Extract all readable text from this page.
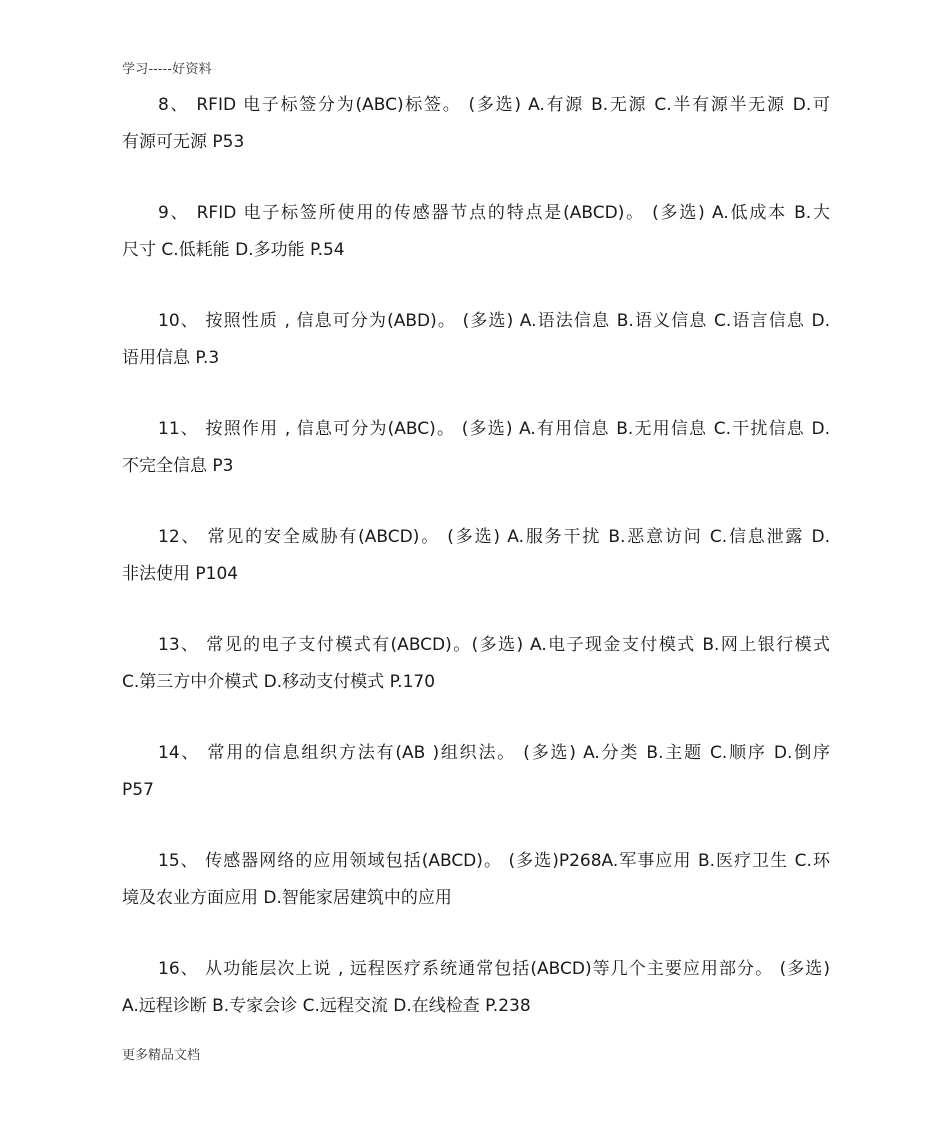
学习-----好资料
8、 RFID 电子标签分为(ABC)标签。 (多选) A.有源 B.无源 C.半有源半无源 D.可
有源可无源 P53
9、 RFID 电子标签所使用的传感器节点的特点是(ABCD)。 (多选) A.低成本 B.大
尺寸 C.低耗能 D.多功能 P.54
10、 按照性质 , 信息可分为(ABD)。 (多选) A.语法信息 B.语义信息 C.语言信息 D.
语用信息 P.3
11、 按照作用 , 信息可分为(ABC)。 (多选) A.有用信息 B.无用信息 C.干扰信息 D.
不完全信息 P3
12、 常见的安全威胁有(ABCD)。 (多选) A.服务干扰 B.恶意访问 C.信息泄露 D.
非法使用 P104
13、 常见的电子支付模式有(ABCD)。(多选) A.电子现金支付模式 B.网上银行模式
C.第三方中介模式 D.移动支付模式 P.170
14、 常用的信息组织方法有(AB )组织法。 (多选) A.分类 B.主题 C.顺序 D.倒序
P57
15、 传感器网络的应用领域包括(ABCD)。 (多选)P268A.军事应用 B.医疗卫生 C.环
境及农业方面应用 D.智能家居建筑中的应用
16、 从功能层次上说 , 远程医疗系统通常包括(ABCD)等几个主要应用部分。 (多选)
A.远程诊断 B.专家会诊 C.远程交流 D.在线检查 P.238
更多精品文档
